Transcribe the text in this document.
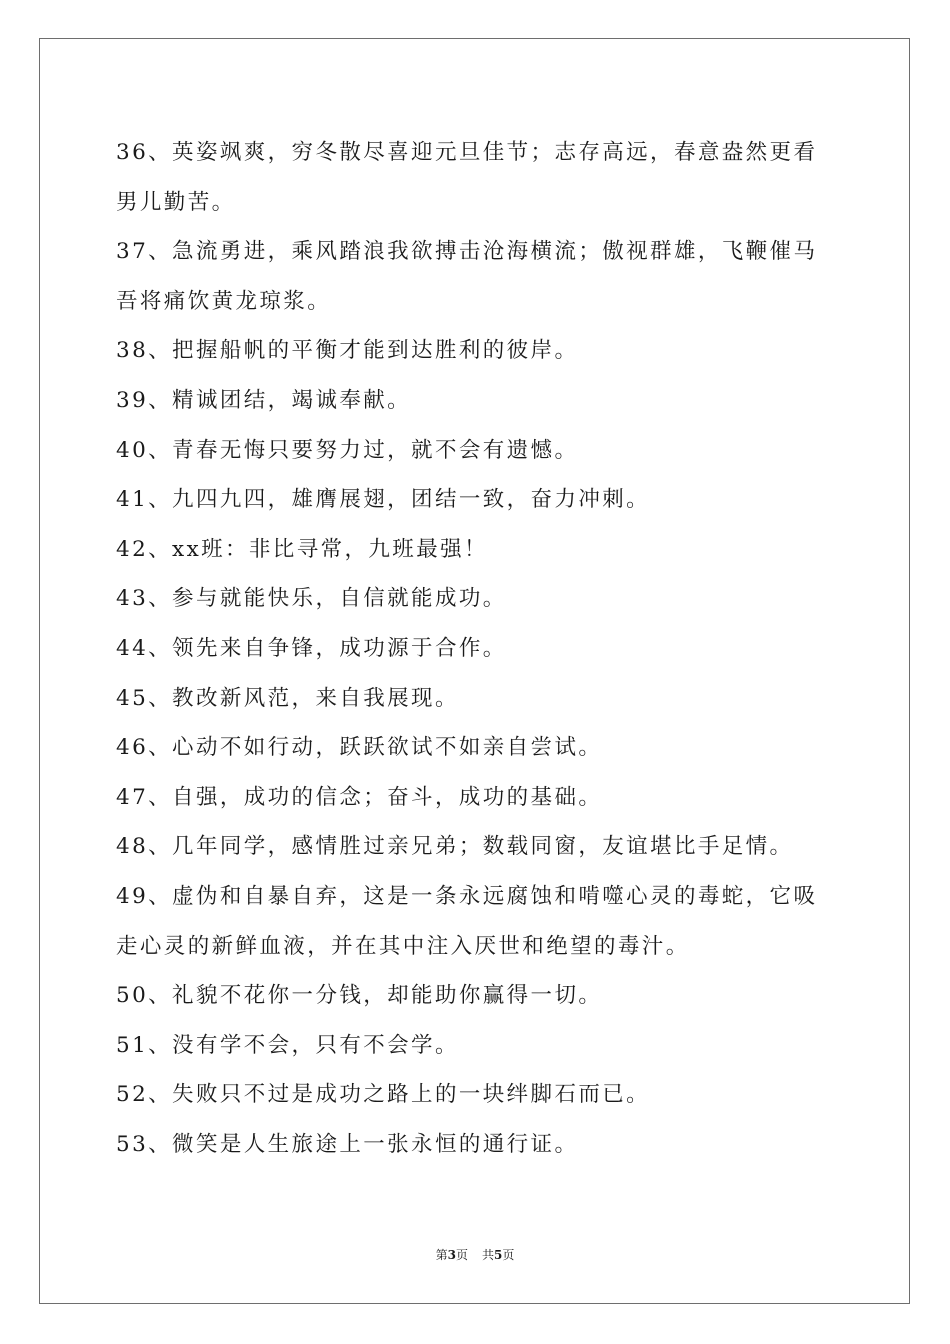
36、英姿飒爽，穷冬散尽喜迎元旦佳节；志存高远，春意盎然更看男儿勤苦。
37、急流勇进，乘风踏浪我欲搏击沧海横流；傲视群雄，飞鞭催马吾将痛饮黄龙琼浆。
38、把握船帆的平衡才能到达胜利的彼岸。
39、精诚团结，竭诚奉献。
40、青春无悔只要努力过，就不会有遗憾。
41、九四九四，雄膺展翅，团结一致，奋力冲刺。
42、xx班：非比寻常，九班最强！
43、参与就能快乐，自信就能成功。
44、领先来自争锋，成功源于合作。
45、教改新风范，来自我展现。
46、心动不如行动，跃跃欲试不如亲自尝试。
47、自强，成功的信念；奋斗，成功的基础。
48、几年同学，感情胜过亲兄弟；数载同窗，友谊堪比手足情。
49、虚伪和自暴自弃，这是一条永远腐蚀和啃噬心灵的毒蛇，它吸走心灵的新鲜血液，并在其中注入厌世和绝望的毒汁。
50、礼貌不花你一分钱，却能助你赢得一切。
51、没有学不会，只有不会学。
52、失败只不过是成功之路上的一块绊脚石而已。
53、微笑是人生旅途上一张永恒的通行证。
第3页 共5页
